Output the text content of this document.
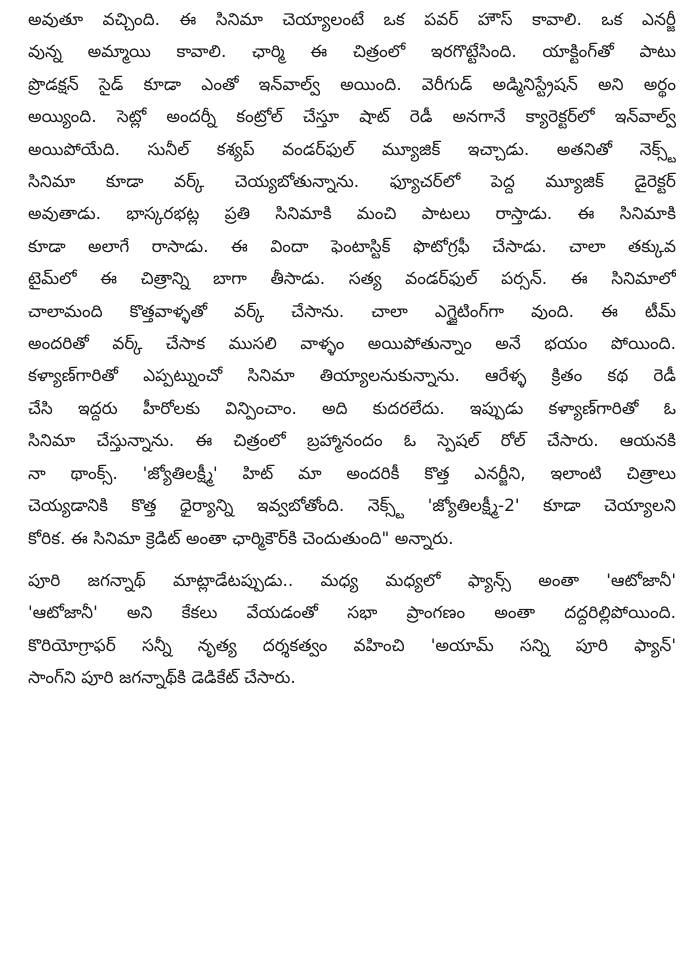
అవుతూ వచ్చింది. ఈ సినిమా చెయ్యాలంటే ఒక పవర్ హౌస్ కావాలి. ఒక ఎనర్జీ
వున్న అమ్మాయి కావాలి. ఛార్మి ఈ చిత్రంలో ఇరగొట్టేసింది. యాక్టింగ్‌తో పాటు
ప్రొడక్షన్ సైడ్ కూడా ఎంతో ఇన్‌వాల్వ్ అయింది. వెరీగుడ్ అడ్మినిస్ట్రేషన్ అని అర్థం
అయ్యింది. సెట్లో అందర్నీ కంట్రోల్ చేస్తూ షాట్ రెడీ అనగానే క్యారెక్టర్‌లో ఇన్‌వాల్వ్
అయిపోయేది. సునీల్ కశ్యప్ వండర్‌ఫుల్ మ్యూజిక్ ఇచ్చాడు. అతనితో నెక్స్ట్
సినిమా కూడా వర్క్ చెయ్యబోతున్నాను. ఫ్యూచర్‌లో పెద్ద మ్యూజిక్ డైరెక్టర్
అవుతాడు. భాస్కరభట్ల ప్రతి సినిమాకి మంచి పాటలు రాస్తాడు. ఈ సినిమాకి
కూడా అలాగే రాసాడు. ఈ విందా ఫెంటాస్టిక్ ఫొటోగ్రఫీ చేసాడు. చాలా తక్కువ
టైమ్‌లో ఈ చిత్రాన్ని బాగా తీసాడు. సత్య వండర్‌ఫుల్ పర్సన్. ఈ సినిమాలో
చాలామంది కొత్తవాళ్ళతో వర్క్ చేసాను. చాలా ఎగ్జైటింగ్‌గా వుంది. ఈ టీమ్
అందరితో వర్క్ చేసాక ముసలి వాళ్ళం అయిపోతున్నాం అనే భయం పోయింది.
కళ్యాణ్‌గారితో ఎప్పట్నుంచో సినిమా తియ్యాలనుకున్నాను. ఆరేళ్ళ క్రితం కథ రెడీ
చేసి ఇద్దరు హీరోలకు విన్పించాం. అది కుదరలేదు. ఇప్పుడు కళ్యాణ్‌గారితో ఓ
సినిమా చేస్తున్నాను. ఈ చిత్రంలో బ్రహ్మానందం ఓ స్పెషల్ రోల్ చేసారు. ఆయనకి
నా థాంక్స్. 'జ్యోతిలక్ష్మీ' హిట్ మా అందరికీ కొత్త ఎనర్జీని, ఇలాంటి చిత్రాలు
చెయ్యడానికి కొత్త ధైర్యాన్ని ఇవ్వబోతోంది. నెక్స్ట్ 'జ్యోతిలక్ష్మీ-2' కూడా చెయ్యాలని
కోరిక. ఈ సినిమా క్రెడిట్ అంతా ఛార్మికౌర్‌కి చెందుతుంది" అన్నారు.
పూరి జగన్నాథ్ మాట్లాడేటప్పుడు.. మధ్య మధ్యలో ఫ్యాన్స్ అంతా 'ఆటోజానీ'
'ఆటోజానీ' అని కేకలు వేయడంతో సభా ప్రాంగణం అంతా దద్దరిల్లిపోయింది.
కొరియోగ్రాఫర్ సన్నీ నృత్య దర్శకత్వం వహించి 'అయామ్ సన్ని పూరి ఫ్యాన్'
సాంగ్‌ని పూరి జగన్నాథ్‌కి డెడికేట్ చేసారు.
